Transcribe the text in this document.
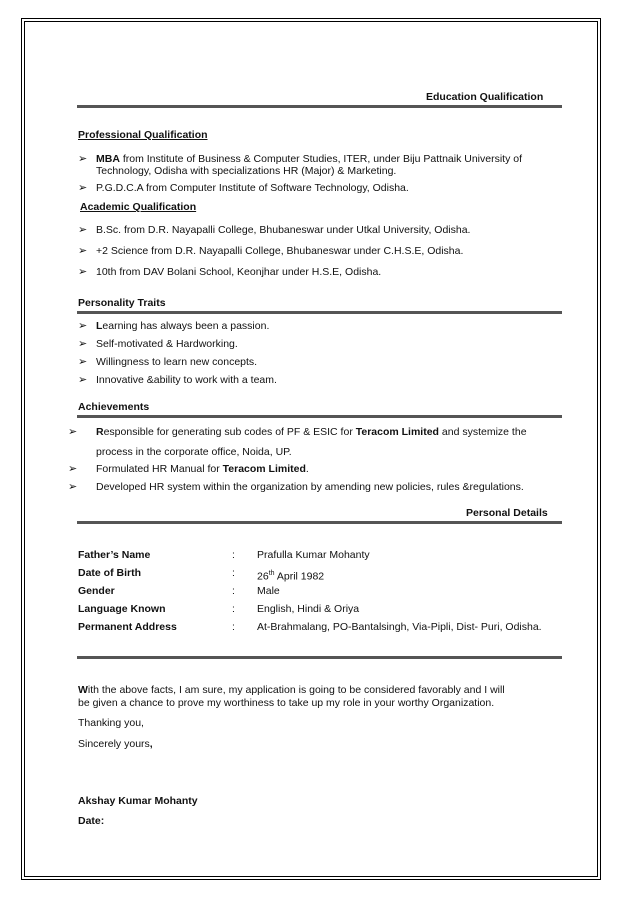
Education Qualification
Professional Qualification
➢ MBA from Institute of Business & Computer Studies, ITER, under Biju Pattnaik University of
Technology, Odisha with specializations HR (Major) & Marketing.
➢ P.G.D.C.A from Computer Institute of Software Technology, Odisha.
Academic Qualification
➢ B.Sc. from D.R. Nayapalli College, Bhubaneswar under Utkal University, Odisha.
➢ +2 Science from D.R. Nayapalli College, Bhubaneswar under C.H.S.E, Odisha.
➢ 10th from DAV Bolani School, Keonjhar under H.S.E, Odisha.
Personality Traits
➢ Learning has always been a passion.
➢ Self-motivated & Hardworking.
➢ Willingness to learn new concepts.
➢ Innovative &ability to work with a team.
Achievements
➢ Responsible for generating sub codes of PF & ESIC for Teracom Limited and systemize the
process in the corporate office, Noida, UP.
➢ Formulated HR Manual for Teracom Limited.
➢ Developed HR system within the organization by amending new policies, rules &regulations.
Personal Details
Father’s Name	: Prafulla Kumar Mohanty
Date of Birth	: 26th April 1982
Gender	: Male
Language Known	: English, Hindi & Oriya
Permanent Address	: At-Brahmalang, PO-Bantalsingh, Via-Pipli, Dist- Puri, Odisha.
With the above facts, I am sure, my application is going to be considered favorably and I will
be given a chance to prove my worthiness to take up my role in your worthy Organization.
Thanking you,
Sincerely yours,
Akshay Kumar Mohanty
Date:
